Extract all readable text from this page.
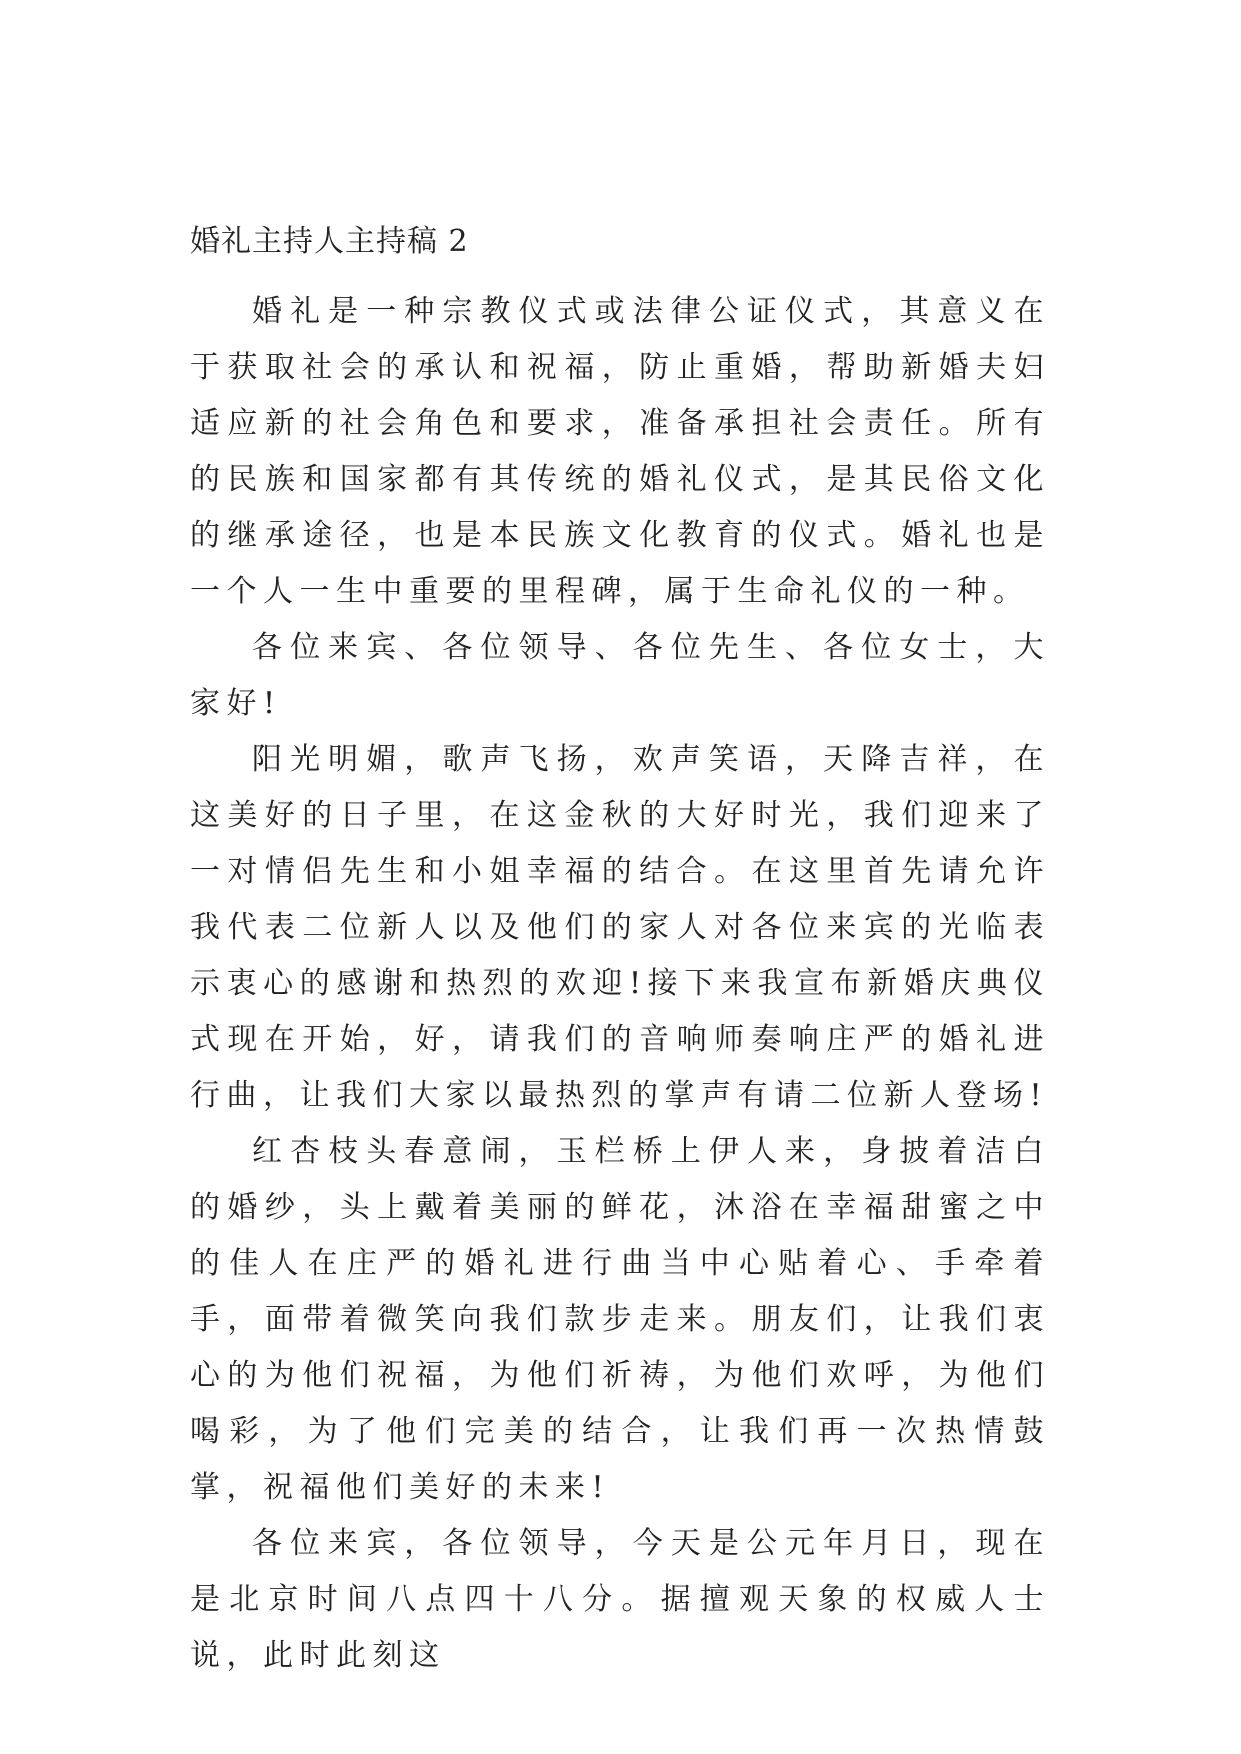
婚礼主持人主持稿 2

婚礼是一种宗教仪式或法律公证仪式，其意义在于获取社会的承认和祝福，防止重婚，帮助新婚夫妇适应新的社会角色和要求，准备承担社会责任。所有的民族和国家都有其传统的婚礼仪式，是其民俗文化的继承途径，也是本民族文化教育的仪式。婚礼也是一个人一生中重要的里程碑，属于生命礼仪的一种。

各位来宾、各位领导、各位先生、各位女士，大家好!

阳光明媚，歌声飞扬，欢声笑语，天降吉祥，在这美好的日子里，在这金秋的大好时光，我们迎来了一对情侣先生和小姐幸福的结合。在这里首先请允许我代表二位新人以及他们的家人对各位来宾的光临表示衷心的感谢和热烈的欢迎!接下来我宣布新婚庆典仪式现在开始，好，请我们的音响师奏响庄严的婚礼进行曲，让我们大家以最热烈的掌声有请二位新人登场!

红杏枝头春意闹，玉栏桥上伊人来，身披着洁白的婚纱，头上戴着美丽的鲜花，沐浴在幸福甜蜜之中的佳人在庄严的婚礼进行曲当中心贴着心、手牵着手，面带着微笑向我们款步走来。朋友们，让我们衷心的为他们祝福，为他们祈祷，为他们欢呼，为他们喝彩，为了他们完美的结合，让我们再一次热情鼓掌，祝福他们美好的未来!

各位来宾，各位领导，今天是公元年月日，现在是北京时间八点四十八分。据擅观天象的权威人士说，此时此刻这
